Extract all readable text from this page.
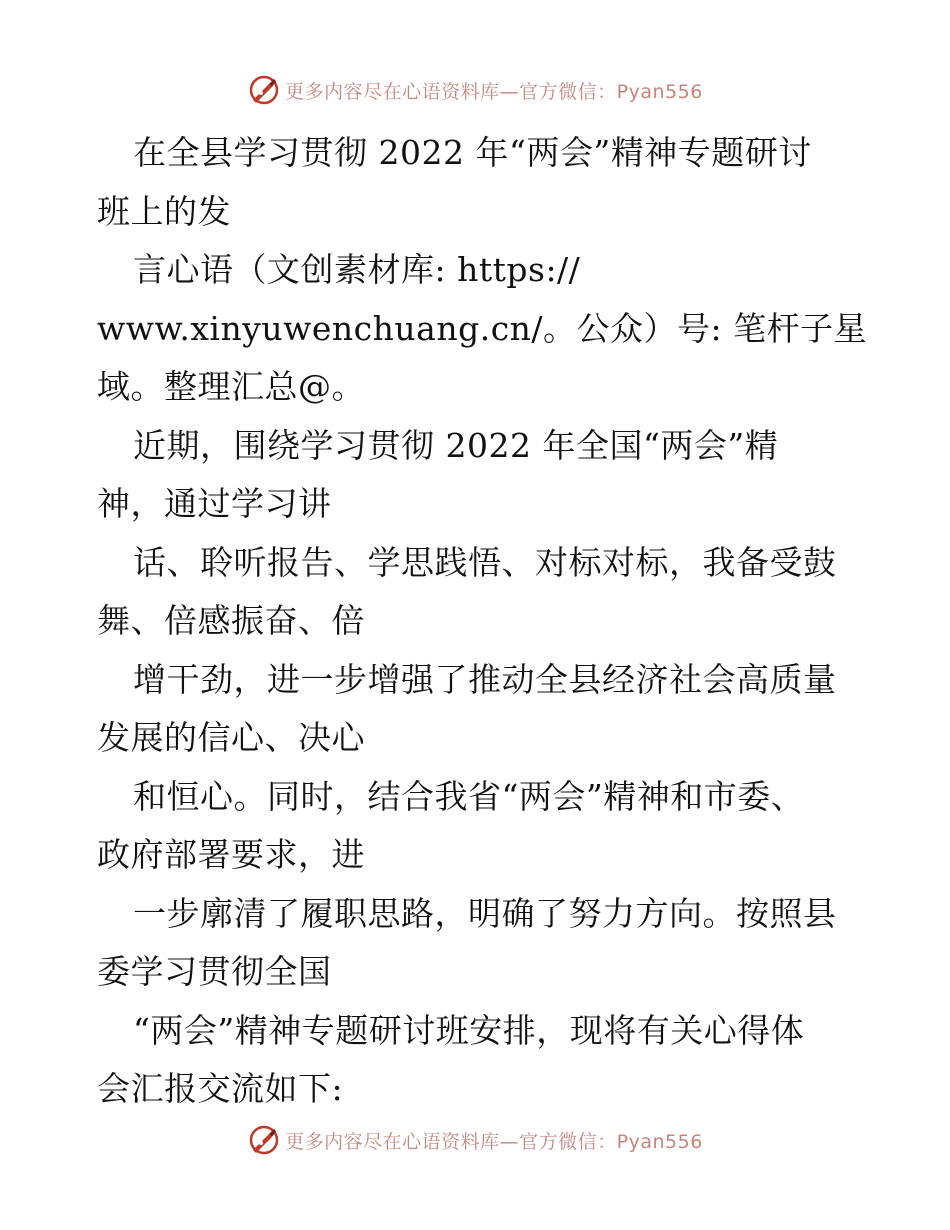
更多内容尽在心语资料库—官方微信：Pyan556

在全县学习贯彻 2022 年“两会”精神专题研讨

班上的发

言心语（文创素材库: https://

www.xinyuwenchuang.cn/。公众）号: 笔杆子星

域。整理汇总@。

近期，围绕学习贯彻 2022 年全国“两会”精

神，通过学习讲

话、聆听报告、学思践悟、对标对标，我备受鼓

舞、倍感振奋、倍

增干劲，进一步增强了推动全县经济社会高质量

发展的信心、决心

和恒心。同时，结合我省“两会”精神和市委、

政府部署要求，进

一步廓清了履职思路，明确了努力方向。按照县

委学习贯彻全国

“两会”精神专题研讨班安排，现将有关心得体

会汇报交流如下:

更多内容尽在心语资料库—官方微信：Pyan556
